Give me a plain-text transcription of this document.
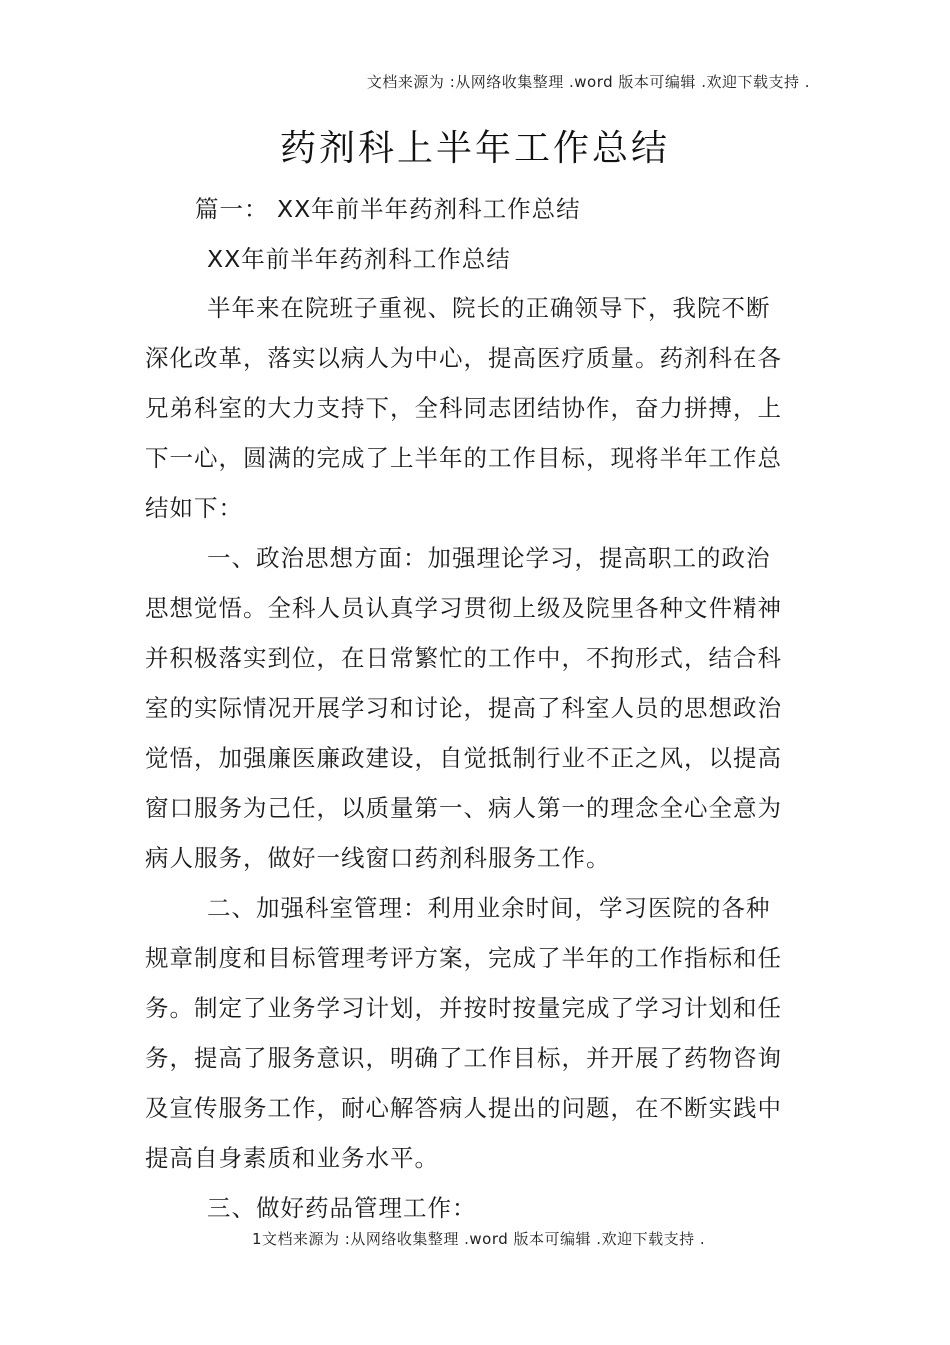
文档来源为 :从网络收集整理 .word 版本可编辑 .欢迎下载支持 .
药剂科上半年工作总结
篇一： XX年前半年药剂科工作总结
XX年前半年药剂科工作总结
半年来在院班子重视、院长的正确领导下，我院不断
深化改革，落实以病人为中心，提高医疗质量。药剂科在各
兄弟科室的大力支持下，全科同志团结协作，奋力拼搏，上
下一心，圆满的完成了上半年的工作目标，现将半年工作总
结如下：
一、政治思想方面：加强理论学习，提高职工的政治
思想觉悟。全科人员认真学习贯彻上级及院里各种文件精神
并积极落实到位，在日常繁忙的工作中，不拘形式，结合科
室的实际情况开展学习和讨论，提高了科室人员的思想政治
觉悟，加强廉医廉政建设，自觉抵制行业不正之风，以提高
窗口服务为己任，以质量第一、病人第一的理念全心全意为
病人服务，做好一线窗口药剂科服务工作。
二、加强科室管理：利用业余时间，学习医院的各种
规章制度和目标管理考评方案，完成了半年的工作指标和任
务。制定了业务学习计划，并按时按量完成了学习计划和任
务，提高了服务意识，明确了工作目标，并开展了药物咨询
及宣传服务工作，耐心解答病人提出的问题，在不断实践中
提高自身素质和业务水平。
三、做好药品管理工作：
1文档来源为 :从网络收集整理 .word 版本可编辑 .欢迎下载支持 .
